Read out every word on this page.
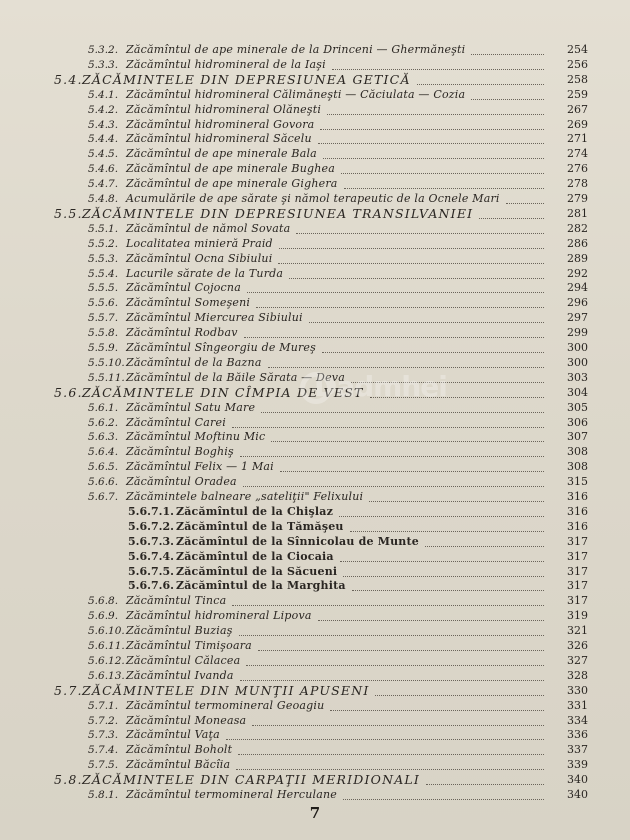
5.3.2. Zăcămîntul de ape minerale de la Drinceni — Ghermăneşti	254
5.3.3. Zăcămîntul hidromineral de la Iaşi	256
5.4. ZĂCĂMINTELE DIN DEPRESIUNEA GETICĂ	258
5.4.1. Zăcămîntul hidromineral Călimăneşti — Căciulata — Cozia	259
5.4.2. Zăcămîntul hidromineral Olăneşti	267
5.4.3. Zăcămîntul hidromineral Govora	269
5.4.4. Zăcămîntul hidromineral Săcelu	271
5.4.5. Zăcămîntul de ape minerale Bala	274
5.4.6. Zăcămîntul de ape minerale Bughea	276
5.4.7. Zăcămîntul de ape minerale Gighera	278
5.4.8. Acumulările de ape sărate şi nămol terapeutic de la Ocnele Mari	279
5.5. ZĂCĂMINTELE DIN DEPRESIUNEA TRANSILVANIEI	281
5.5.1. Zăcămîntul de nămol Sovata	282
5.5.2. Localitatea minieră Praid	286
5.5.3. Zăcămîntul Ocna Sibiului	289
5.5.4. Lacurile sărate de la Turda	292
5.5.5. Zăcămîntul Cojocna	294
5.5.6. Zăcămîntul Someşeni	296
5.5.7. Zăcămîntul Miercurea Sibiului	297
5.5.8. Zăcămîntul Rodbav	299
5.5.9. Zăcămîntul Sîngeorgiu de Mureş	300
5.5.10. Zăcămîntul de la Bazna	300
5.5.11. Zăcămîntul de la Băile Sărata — Deva	303
5.6. ZĂCĂMINTELE DIN CÎMPIA DE VEST	304
5.6.1. Zăcămîntul Satu Mare	305
5.6.2. Zăcămîntul Carei	306
5.6.3. Zăcămîntul Moftinu Mic	307
5.6.4. Zăcămîntul Boghiş	308
5.6.5. Zăcămîntul Felix — 1 Mai	308
5.6.6. Zăcămîntul Oradea	315
5.6.7. Zăcămintele balneare „sateliţii" Felixului	316
5.6.7.1. Zăcămîntul de la Chişlaz	316
5.6.7.2. Zăcămîntul de la Tămăşeu	316
5.6.7.3. Zăcămîntul de la Sînnicolau de Munte	317
5.6.7.4. Zăcămîntul de la Ciocaia	317
5.6.7.5. Zăcămîntul de la Săcueni	317
5.6.7.6. Zăcămîntul de la Marghita	317
5.6.8. Zăcămîntul Tinca	317
5.6.9. Zăcămîntul hidromineral Lipova	319
5.6.10. Zăcămîntul Buziaş	321
5.6.11. Zăcămîntul Timişoara	326
5.6.12. Zăcămîntul Călacea	327
5.6.13. Zăcămîntul Ivanda	328
5.7. ZĂCĂMINTELE DIN MUNŢII APUSENI	330
5.7.1. Zăcămîntul termomineral Geoagiu	331
5.7.2. Zăcămîntul Moneasa	334
5.7.3. Zăcămîntul Vaţa	336
5.7.4. Zăcămîntul Boholt	337
5.7.5. Zăcămîntul Băcîia	339
5.8. ZĂCĂMINTELE DIN CARPAŢII MERIDIONALI	340
5.8.1. Zăcămîntul termomineral Herculane	340
Dadmhei
7
